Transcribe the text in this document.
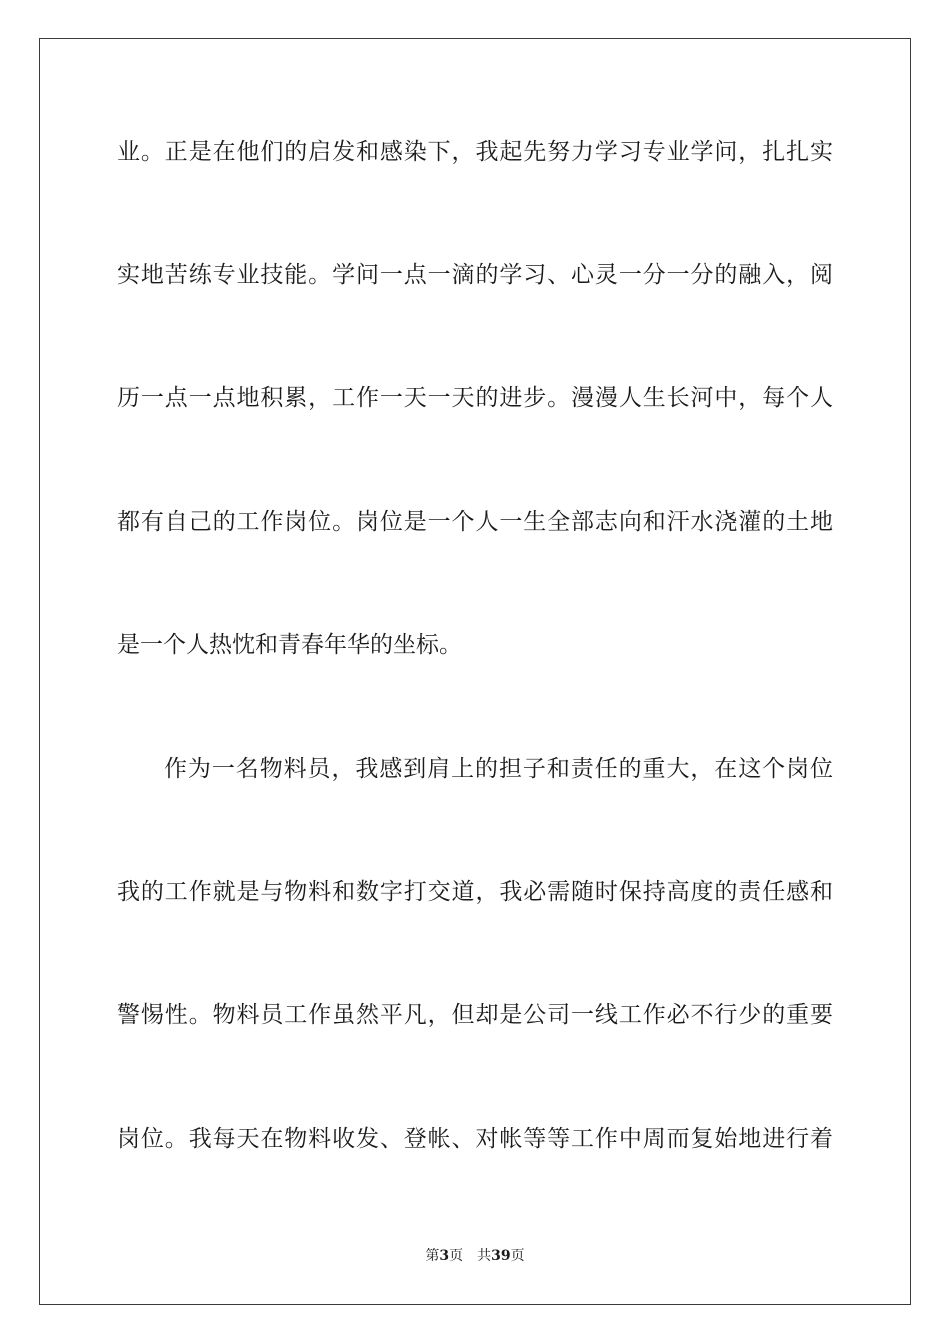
业。正是在他们的启发和感染下，我起先努力学习专业学问，扎扎实
实地苦练专业技能。学问一点一滴的学习、心灵一分一分的融入，阅
历一点一点地积累，工作一天一天的进步。漫漫人生长河中，每个人
都有自己的工作岗位。岗位是一个人一生全部志向和汗水浇灌的土地
是一个人热忱和青春年华的坐标。
作为一名物料员，我感到肩上的担子和责任的重大，在这个岗位
我的工作就是与物料和数字打交道，我必需随时保持高度的责任感和
警惕性。物料员工作虽然平凡，但却是公司一线工作必不行少的重要
岗位。我每天在物料收发、登帐、对帐等等工作中周而复始地进行着
第3页 共39页
